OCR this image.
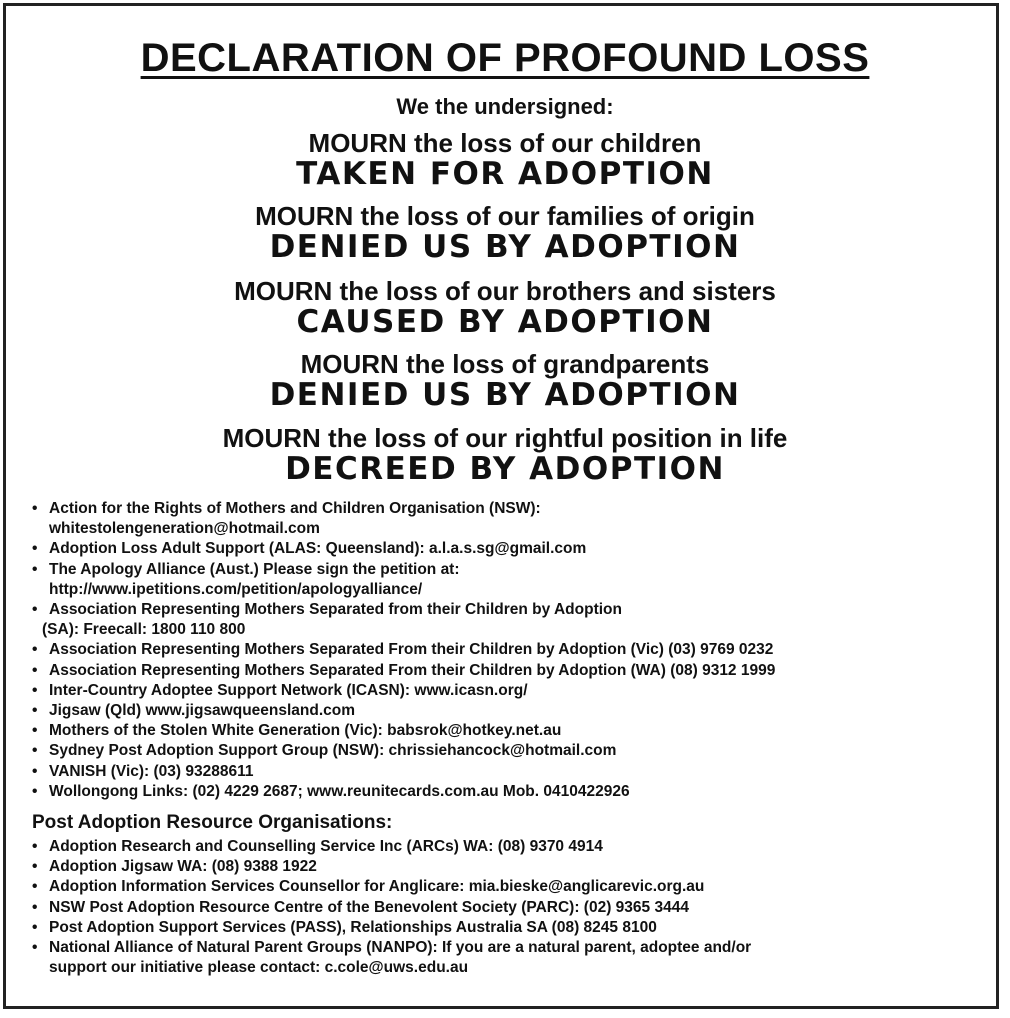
DECLARATION OF PROFOUND LOSS
We the undersigned:
MOURN the loss of our children
TAKEN FOR ADOPTION
MOURN the loss of our families of origin
DENIED US BY ADOPTION
MOURN the loss of our brothers and sisters
CAUSED BY ADOPTION
MOURN the loss of grandparents
DENIED US BY ADOPTION
MOURN the loss of our rightful position in life
DECREED BY ADOPTION
• Action for the Rights of Mothers and Children Organisation (NSW):
whitestolengeneration@hotmail.com
• Adoption Loss Adult Support (ALAS: Queensland): a.l.a.s.sg@gmail.com
• The Apology Alliance (Aust.) Please sign the petition at:
http://www.ipetitions.com/petition/apologyalliance/
• Association Representing Mothers Separated from their Children by Adoption
(SA): Freecall: 1800 110 800
• Association Representing Mothers Separated From their Children by Adoption (Vic) (03) 9769 0232
• Association Representing Mothers Separated From their Children by Adoption (WA) (08) 9312 1999
• Inter-Country Adoptee Support Network (ICASN): www.icasn.org/
• Jigsaw (Qld) www.jigsawqueensland.com
• Mothers of the Stolen White Generation (Vic): babsrok@hotkey.net.au
• Sydney Post Adoption Support Group (NSW): chrissiehancock@hotmail.com
• VANISH (Vic): (03) 93288611
• Wollongong Links: (02) 4229 2687; www.reunitecards.com.au Mob. 0410422926
Post Adoption Resource Organisations:
• Adoption Research and Counselling Service Inc (ARCs) WA: (08) 9370 4914
• Adoption Jigsaw WA: (08) 9388 1922
• Adoption Information Services Counsellor for Anglicare: mia.bieske@anglicarevic.org.au
• NSW Post Adoption Resource Centre of the Benevolent Society (PARC): (02) 9365 3444
• Post Adoption Support Services (PASS), Relationships Australia SA (08) 8245 8100
• National Alliance of Natural Parent Groups (NANPO): If you are a natural parent, adoptee and/or
support our initiative please contact: c.cole@uws.edu.au
